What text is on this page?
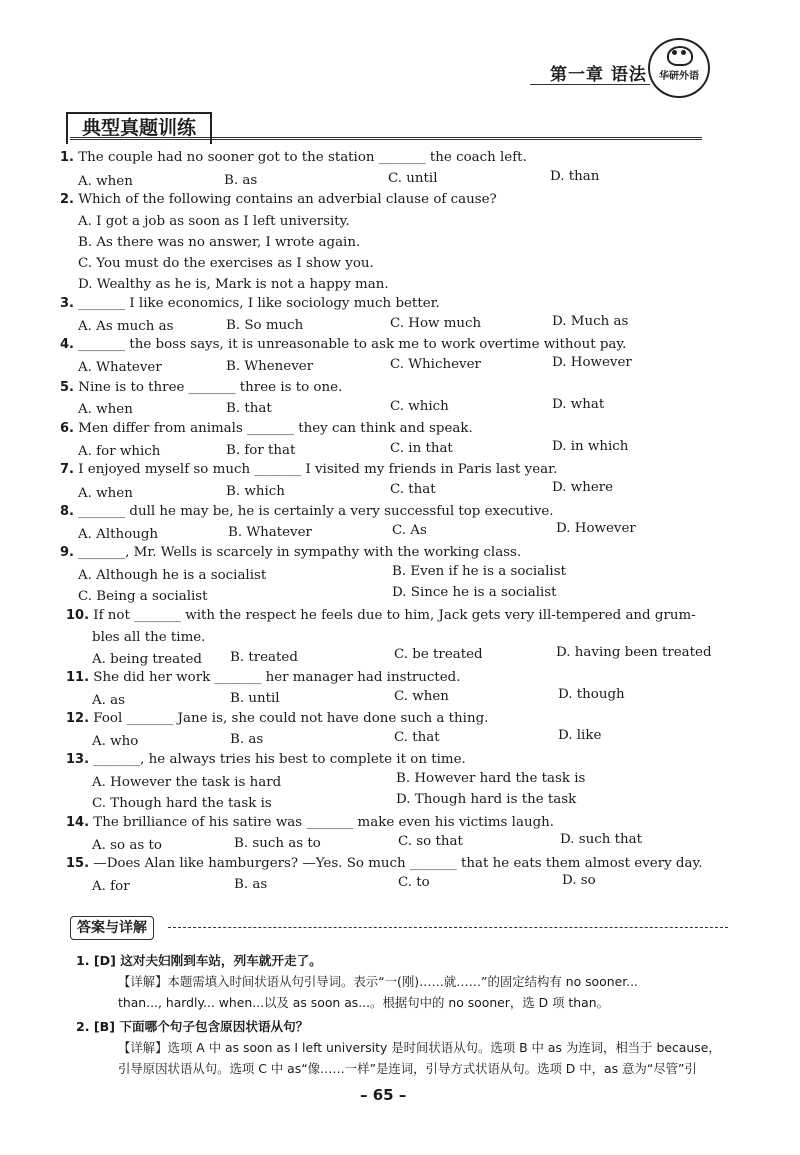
第一章 语法	华研外语
典型真题训练
1. The couple had no sooner got to the station _______ the coach left.
A. when	B. as	C. until	D. than
2. Which of the following contains an adverbial clause of cause?
A. I got a job as soon as I left university.
B. As there was no answer, I wrote again.
C. You must do the exercises as I show you.
D. Wealthy as he is, Mark is not a happy man.
3. _______ I like economics, I like sociology much better.
A. As much as	B. So much	C. How much	D. Much as
4. _______ the boss says, it is unreasonable to ask me to work overtime without pay.
A. Whatever	B. Whenever	C. Whichever	D. However
5. Nine is to three _______ three is to one.
A. when	B. that	C. which	D. what
6. Men differ from animals _______ they can think and speak.
A. for which	B. for that	C. in that	D. in which
7. I enjoyed myself so much _______ I visited my friends in Paris last year.
A. when	B. which	C. that	D. where
8. _______ dull he may be, he is certainly a very successful top executive.
A. Although	B. Whatever	C. As	D. However
9. _______, Mr. Wells is scarcely in sympathy with the working class.
A. Although he is a socialist	B. Even if he is a socialist
C. Being a socialist	D. Since he is a socialist
10. If not _______ with the respect he feels due to him, Jack gets very ill-tempered and grum-
bles all the time.
A. being treated B. treated	C. be treated	D. having been treated
11. She did her work _______ her manager had instructed.
A. as	B. until	C. when	D. though
12. Fool _______ Jane is, she could not have done such a thing.
A. who	B. as	C. that	D. like
13. _______, he always tries his best to complete it on time.
A. However the task is hard	B. However hard the task is
C. Though hard the task is	D. Though hard is the task
14. The brilliance of his satire was _______ make even his victims laugh.
A. so as to	B. such as to	C. so that	D. such that
15. —Does Alan like hamburgers? —Yes. So much _______ that he eats them almost every day.
A. for	B. as	C. to	D. so
答案与详解
1. [D] 这对夫妇刚到车站，列车就开走了。
【详解】本题需填入时间状语从句引导词。表示“一(刚)……就……”的固定结构有 no sooner...
than..., hardly... when...以及 as soon as...。根据句中的 no sooner，选 D 项 than。
2. [B] 下面哪个句子包含原因状语从句？
【详解】选项 A 中 as soon as I left university 是时间状语从句。选项 B 中 as 为连词，相当于 because，
引导原因状语从句。选项 C 中 as“像……一样”是连词，引导方式状语从句。选项 D 中，as 意为“尽管”引
– 65 –
